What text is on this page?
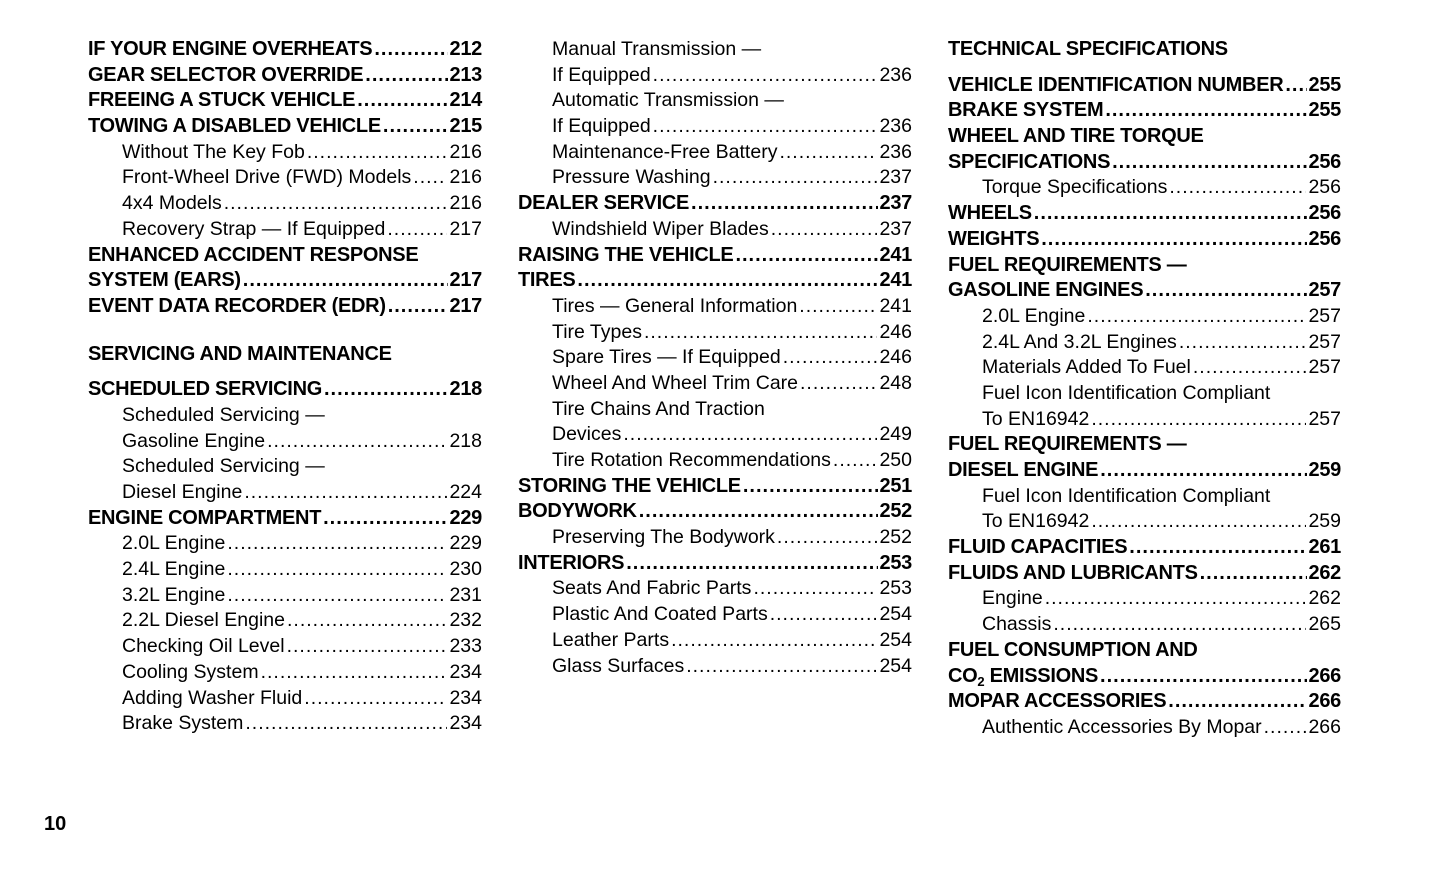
IF YOUR ENGINE OVERHEATS .....	212
GEAR SELECTOR OVERRIDE .....	213
FREEING A STUCK VEHICLE .....	214
TOWING A DISABLED VEHICLE .....	215
Without The Key Fob .....	216
Front-Wheel Drive (FWD) Models ..... 216
4x4 Models .....	216
Recovery Strap — If Equipped .....	217
ENHANCED ACCIDENT RESPONSE
SYSTEM (EARS) .....	217
EVENT DATA RECORDER (EDR) .....	217
SERVICING AND MAINTENANCE
SCHEDULED SERVICING .....	218
Scheduled Servicing —
Gasoline Engine .....	218
Scheduled Servicing —
Diesel Engine .....	224
ENGINE COMPARTMENT .....	229
2.0L Engine .....	229
2.4L Engine .....	230
3.2L Engine .....	231
2.2L Diesel Engine .....	232
Checking Oil Level .....	233
Cooling System .....	234
Adding Washer Fluid .....	234
Brake System .....	234
Manual Transmission —
If Equipped .....	236
Automatic Transmission —
If Equipped .....	236
Maintenance-Free Battery .....	236
Pressure Washing .....	237
DEALER SERVICE .....	237
Windshield Wiper Blades .....	237
RAISING THE VEHICLE .....	241
TIRES .....	241
Tires — General Information .....	241
Tire Types .....	246
Spare Tires — If Equipped .....	246
Wheel And Wheel Trim Care .....	248
Tire Chains And Traction
Devices .....	249
Tire Rotation Recommendations ..... 250
STORING THE VEHICLE .....	251
BODYWORK .....	252
Preserving The Bodywork .....	252
INTERIORS .....	253
Seats And Fabric Parts .....	253
Plastic And Coated Parts .....	254
Leather Parts .....	254
Glass Surfaces .....	254
TECHNICAL SPECIFICATIONS
VEHICLE IDENTIFICATION NUMBER ..... 255
BRAKE SYSTEM .....	255
WHEEL AND TIRE TORQUE
SPECIFICATIONS .....	256
Torque Specifications .....	256
WHEELS .....	256
WEIGHTS .....	256
FUEL REQUIREMENTS —
GASOLINE ENGINES .....	257
2.0L Engine .....	257
2.4L And 3.2L Engines .....	257
Materials Added To Fuel .....	257
Fuel Icon Identification Compliant
To EN16942 .....	257
FUEL REQUIREMENTS —
DIESEL ENGINE .....	259
Fuel Icon Identification Compliant
To EN16942 .....	259
FLUID CAPACITIES .....	261
FLUIDS AND LUBRICANTS .....	262
Engine .....	262
Chassis .....	265
FUEL CONSUMPTION AND
$CO_2$ EMISSIONS .....	266
MOPAR ACCESSORIES .....	266
Authentic Accessories By Mopar ..... 266
10
